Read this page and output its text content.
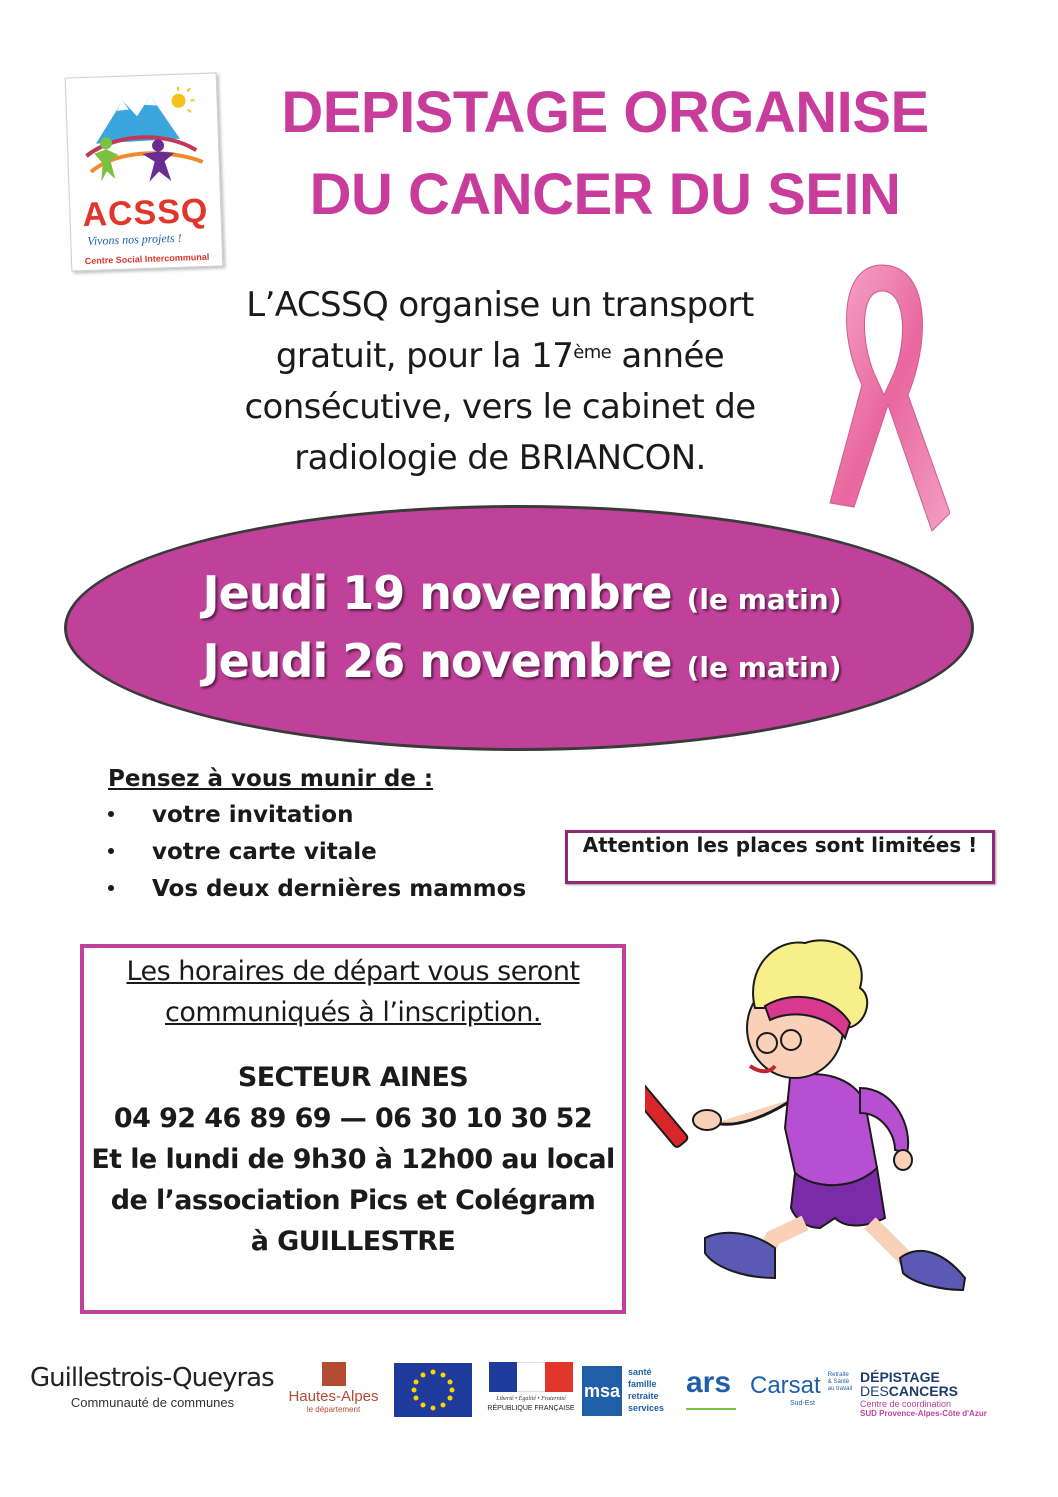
ACSSQ
Vivons nos projets !
Centre Social Intercommunal
DEPISTAGE ORGANISE
DU CANCER DU SEIN
L’ACSSQ organise un transport
gratuit, pour la 17ème année
consécutive, vers le cabinet de
radiologie de BRIANCON.
Jeudi 19 novembre (le matin)
Jeudi 26 novembre (le matin)
Pensez à vous munir de :
votre invitation
votre carte vitale
Vos deux dernières mammos
Attention les places sont limitées !
Les horaires de départ vous seront
communiqués à l’inscription.
SECTEUR AINES
04 92 46 89 69 — 06 30 10 30 52
Et le lundi de 9h30 à 12h00 au local
de l’association Pics et Colégram
à GUILLESTRE
Guillestrois-Queyras
Communauté de communes	Hautes-Alpes
le département
Liberté • Égalité • Fraternité
RÉPUBLIQUE FRANÇAISE
msa
santé
famille
retraite
services
ars Carsat Retraite
& Santé
au travail
Sud-Est
DÉPISTAGE
DESCANCERS
Centre de coordination
SUD Provence-Alpes-Côte d'Azur
